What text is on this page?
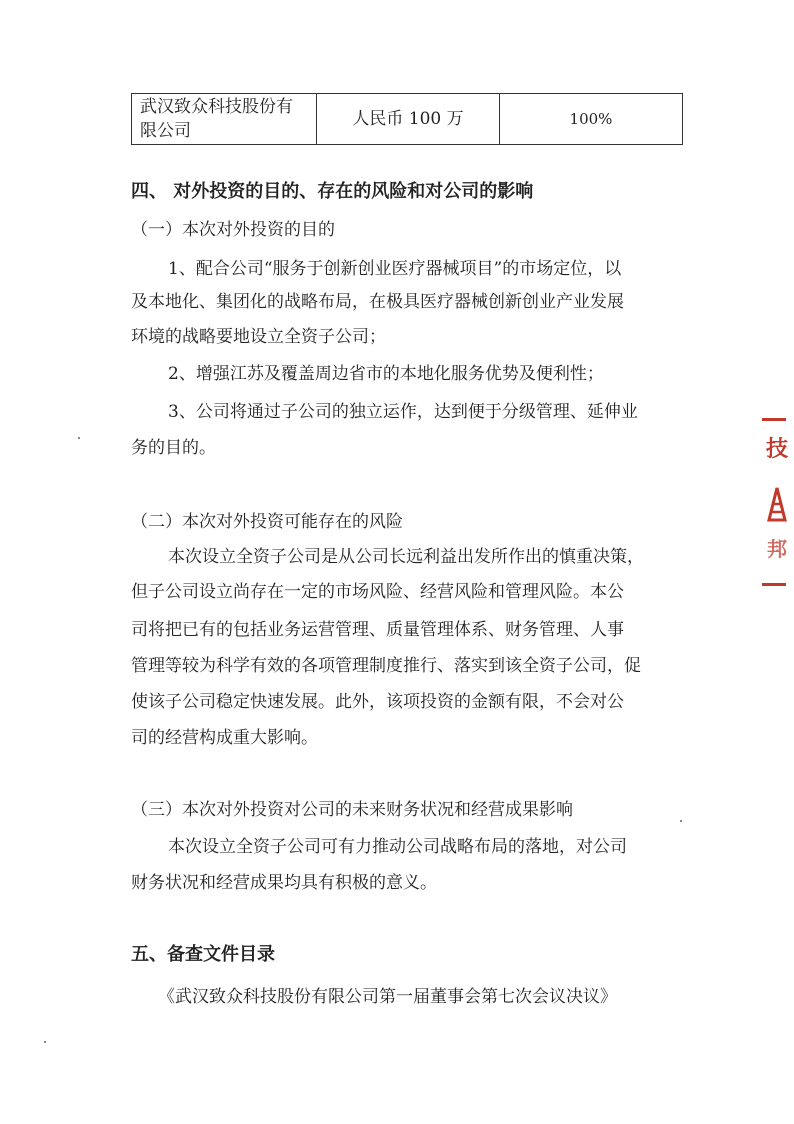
武汉致众科技股份有
限公司	人民币 100 万	100%
四、 对外投资的目的、存在的风险和对公司的影响
（一）本次对外投资的目的
1、配合公司“服务于创新创业医疗器械项目”的市场定位，以
及本地化、集团化的战略布局，在极具医疗器械创新创业产业发展
环境的战略要地设立全资子公司；
2、增强江苏及覆盖周边省市的本地化服务优势及便利性；
3、公司将通过子公司的独立运作，达到便于分级管理、延伸业
务的目的。
（二）本次对外投资可能存在的风险
本次设立全资子公司是从公司长远利益出发所作出的慎重决策，
但子公司设立尚存在一定的市场风险、经营风险和管理风险。本公
司将把已有的包括业务运营管理、质量管理体系、财务管理、人事
管理等较为科学有效的各项管理制度推行、落实到该全资子公司，促
使该子公司稳定快速发展。此外，该项投资的金额有限，不会对公
司的经营构成重大影响。
（三）本次对外投资对公司的未来财务状况和经营成果影响
本次设立全资子公司可有力推动公司战略布局的落地，对公司
财务状况和经营成果均具有积极的意义。
五、备查文件目录
《武汉致众科技股份有限公司第一届董事会第七次会议决议》
技
邦
